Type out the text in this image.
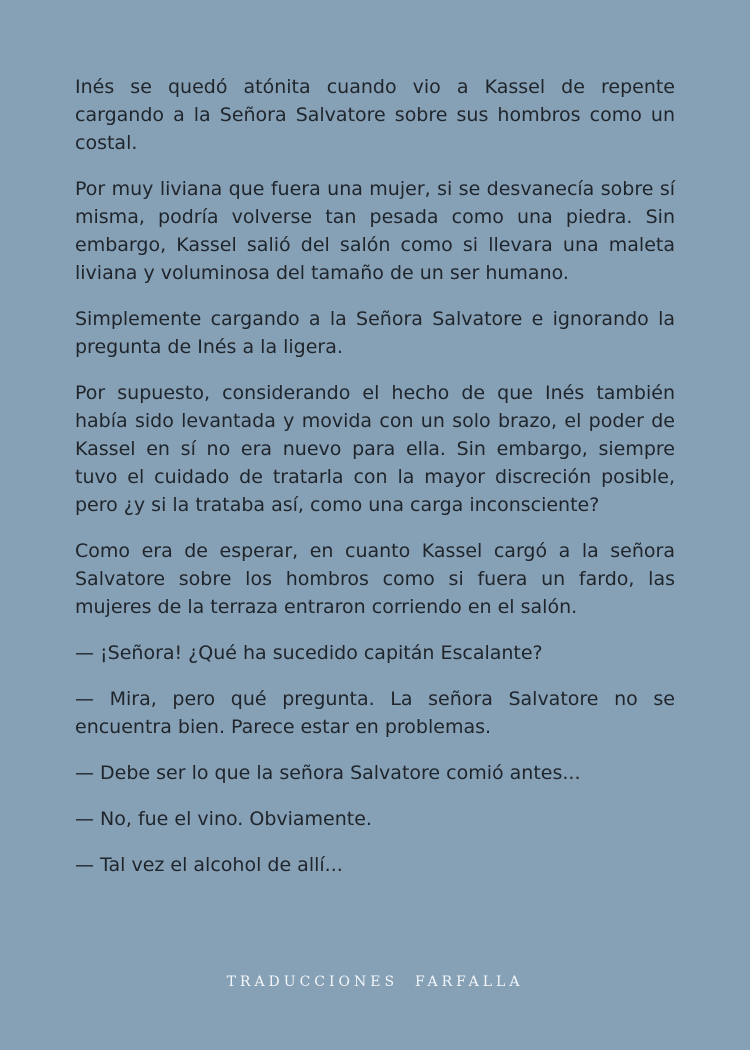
Inés se quedó atónita cuando vio a Kassel de repente cargando a la Señora Salvatore sobre sus hombros como un costal.

Por muy liviana que fuera una mujer, si se desvanecía sobre sí misma, podría volverse tan pesada como una piedra. Sin embargo, Kassel salió del salón como si llevara una maleta liviana y voluminosa del tamaño de un ser humano.

Simplemente cargando a la Señora Salvatore e ignorando la pregunta de Inés a la ligera.

Por supuesto, considerando el hecho de que Inés también había sido levantada y movida con un solo brazo, el poder de Kassel en sí no era nuevo para ella. Sin embargo, siempre tuvo el cuidado de tratarla con la mayor discreción posible, pero ¿y si la trataba así, como una carga inconsciente?

Como era de esperar, en cuanto Kassel cargó a la señora Salvatore sobre los hombros como si fuera un fardo, las mujeres de la terraza entraron corriendo en el salón.

— ¡Señora! ¿Qué ha sucedido capitán Escalante?

— Mira, pero qué pregunta. La señora Salvatore no se encuentra bien. Parece estar en problemas.

— Debe ser lo que la señora Salvatore comió antes...

— No, fue el vino. Obviamente.

— Tal vez el alcohol de allí...

TRADUCCIONES  FARFALLA
